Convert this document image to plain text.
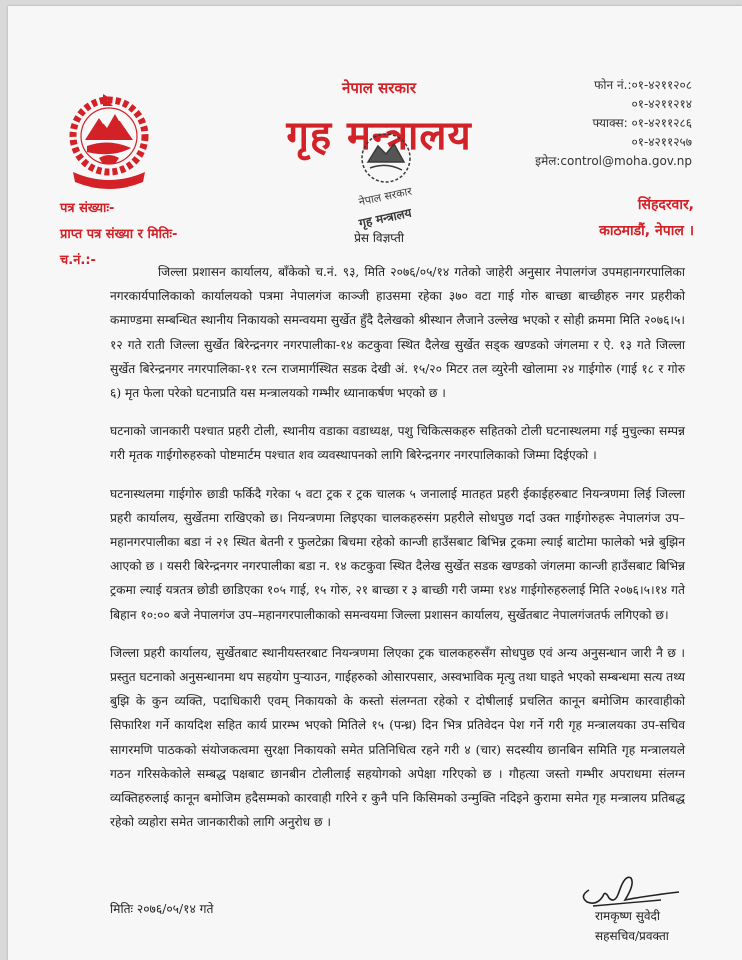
नेपाल सरकार
गृह मन्त्रालय
नेपाल सरकार
गृह मन्त्रालय
प्रेस विज्ञप्ती
फोन नं.:०१-४२११२०८
०१-४२११२१४
फ्याक्स: ०१-४२११२८६
०१-४२११२५७
इमेल:control@moha.gov.np
पत्र संख्याः-
प्राप्त पत्र संख्या र मितिः-
च.नं.:-
सिंहदरवार,
काठमाडौं, नेपाल ।

जिल्ला प्रशासन कार्यालय, बाँकेको च.नं. ९३, मिति २०७६/०५/१४ गतेको जाहेरी अनुसार नेपालगंज उपमहानगरपालिका नगरकार्यपालिकाको कार्यालयको पत्रमा नेपालगंज काञ्जी हाउसमा रहेका ३७० वटा गाई गोरु बाच्छा बाच्छीहरु नगर प्रहरीको कमाण्डमा सम्बन्धित स्थानीय निकायको समन्वयमा सुर्खेत हुँदै दैलेखको श्रीस्थान लैजाने उल्लेख भएको र सोही क्रममा मिति २०७६।५।१२ गते राती जिल्ला सुर्खेत बिरेन्द्रनगर नगरपालीका-१४ कटकुवा स्थित दैलेख सुर्खेत सड्क खण्डको जंगलमा र ऐ. १३ गते जिल्ला सुर्खेत बिरेन्द्रनगर नगरपालिका-११ रत्न राजमार्गस्थित सडक देखी अं. १५/२० मिटर तल व्युरेनी खोलामा २४ गाईगोरु (गाई १८ र गोरु ६) मृत फेला परेको घटनाप्रति यस मन्त्रालयको गम्भीर ध्यानाकर्षण भएको छ ।

घटनाको जानकारी पश्चात प्रहरी टोली, स्थानीय वडाका वडाध्यक्ष, पशु चिकित्सकहरु सहितको टोली घटनास्थलमा गई मुचुल्का सम्पन्न गरी मृतक गाईगोरुहरुको पोष्टमार्टम पश्चात शव व्यवस्थापनको लागि बिरेन्द्रनगर नगरपालिकाको जिम्मा दिईएको ।

घटनास्थलमा गाईगोरु छाडी फर्किदै गरेका ५ वटा ट्रक र ट्रक चालक ५ जनालाई मातहत प्रहरी ईकाईहरुबाट नियन्त्रणमा लिई जिल्ला प्रहरी कार्यालय, सुर्खेतमा राखिएको छ। नियन्त्रणमा लिइएका चालकहरुसंग प्रहरीले सोधपुछ गर्दा उक्त गाईगोरुहरू नेपालगंज उप–महानगरपालीका बडा नं २१ स्थित बेतनी र फुलटेक्रा बिचमा रहेको कान्जी हाउँसबाट बिभिन्न ट्रकमा ल्याई बाटोमा फालेको भन्ने बुझिन आएको छ । यसरी बिरेन्द्रनगर नगरपालीका बडा न. १४ कटकुवा स्थित दैलेख सुर्खेत सडक खण्डको जंगलमा कान्जी हाउँसबाट बिभिन्न ट्रकमा ल्याई यत्रतत्र छोडी छाडिएका १०५ गाई, १५ गोरु, २१ बाच्छा र ३ बाच्छी गरी जम्मा १४४ गाईगोरुहरुलाई मिति २०७६।५।१४ गते बिहान १०:०० बजे नेपालगंज उप–महानगरपालीकाको समन्वयमा जिल्ला प्रशासन कार्यालय, सुर्खेतबाट नेपालगंजतर्फ लगिएको छ।

जिल्ला प्रहरी कार्यालय, सुर्खेतबाट स्थानीयस्तरबाट नियन्त्रणमा लिएका ट्रक चालकहरुसँग सोधपुछ एवं अन्य अनुसन्धान जारी नै छ । प्रस्तुत घटनाको अनुसन्धानमा थप सहयोग पुर्‍याउन, गाईहरुको ओसारपसार, अस्वभाविक मृत्यु तथा घाइते भएको सम्बन्धमा सत्य तथ्य बुझि के कुन व्यक्ति, पदाधिकारी एवम् निकायको के कस्तो संलग्नता रहेको र दोषीलाई प्रचलित कानून बमोजिम कारवाहीको सिफारिश गर्ने कायदिश सहित कार्य प्रारम्भ भएको मितिले १५ (पन्ध्र) दिन भित्र प्रतिवेदन पेश गर्ने गरी गृह मन्त्रालयका उप-सचिव सागरमणि पाठकको संयोजकत्वमा सुरक्षा निकायको समेत प्रतिनिधित्व रहने गरी ४ (चार) सदस्यीय छानबिन समिति गृह मन्त्रालयले गठन गरिसकेकोले सम्बद्ध पक्षबाट छानबीन टोलीलाई सहयोगको अपेक्षा गरिएको छ । गौहत्या जस्तो गम्भीर अपराधमा संलग्न व्यक्तिहरुलाई कानून बमोजिम हदैसम्मको कारवाही गरिने र कुनै पनि किसिमको उन्मुक्ति नदिइने कुरामा समेत गृह मन्त्रालय प्रतिबद्ध रहेको व्यहोरा समेत जानकारीको लागि अनुरोध छ ।

मितिः २०७६/०५/१४ गते	रामकृष्ण सुवेदी
सहसचिव/प्रवक्ता
